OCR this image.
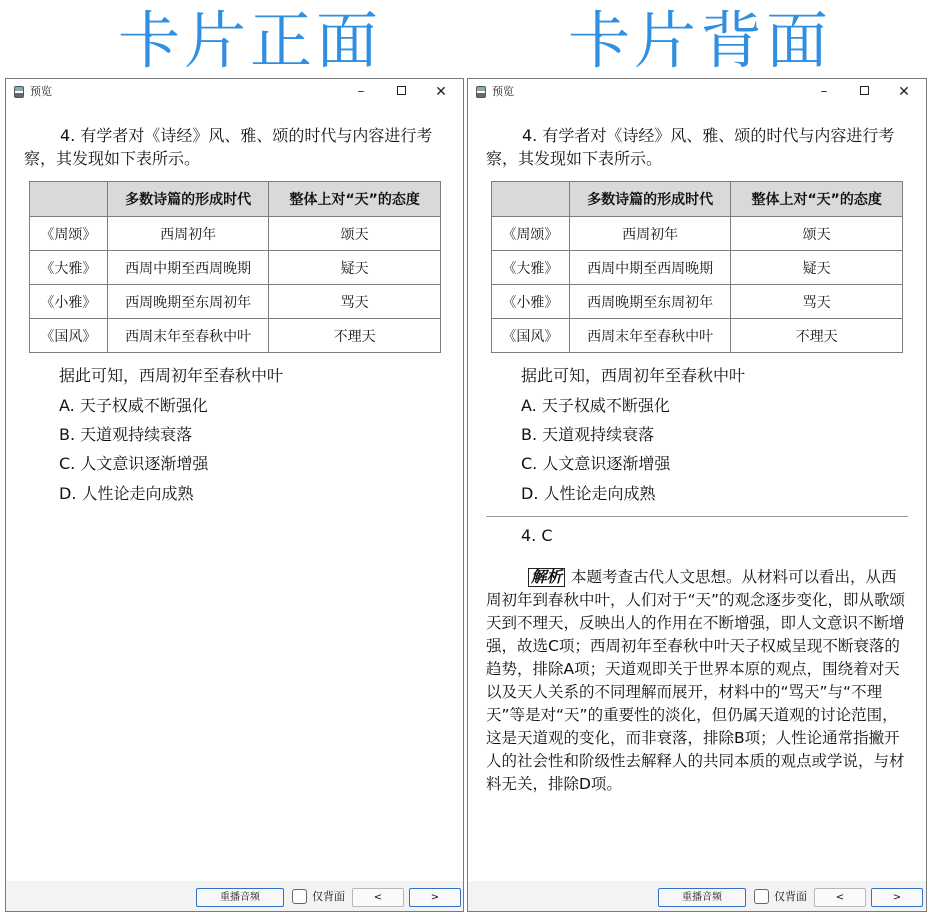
卡片正面	卡片背面
预览	–	✕
4. 有学者对《诗经》风、雅、颂的时代与内容进行考察，其发现如下表所示。
	多数诗篇的形成时代	整体上对“天”的态度
《周颂》	西周初年	颂天
《大雅》	西周中期至西周晚期	疑天
《小雅》	西周晚期至东周初年	骂天
《国风》	西周末年至春秋中叶	不理天
据此可知，西周初年至春秋中叶
A. 天子权威不断强化
B. 天道观持续衰落
C. 人文意识逐渐增强
D. 人性论走向成熟
重播音频	仅背面	<	>
预览	–	✕
4. 有学者对《诗经》风、雅、颂的时代与内容进行考察，其发现如下表所示。
	多数诗篇的形成时代	整体上对“天”的态度
《周颂》	西周初年	颂天
《大雅》	西周中期至西周晚期	疑天
《小雅》	西周晚期至东周初年	骂天
《国风》	西周末年至春秋中叶	不理天
据此可知，西周初年至春秋中叶
A. 天子权威不断强化
B. 天道观持续衰落
C. 人文意识逐渐增强
D. 人性论走向成熟
4. C
解析 本题考查古代人文思想。从材料可以看出，从西周初年到春秋中叶，人们对于“天”的观念逐步变化，即从歌颂天到不理天，反映出人的作用在不断增强，即人文意识不断增强，故选C项；西周初年至春秋中叶天子权威呈现不断衰落的趋势，排除A项；天道观即关于世界本原的观点，围绕着对天以及天人关系的不同理解而展开，材料中的“骂天”与“不理天”等是对“天”的重要性的淡化，但仍属天道观的讨论范围，这是天道观的变化，而非衰落，排除B项；人性论通常指撇开人的社会性和阶级性去解释人的共同本质的观点或学说，与材料无关，排除D项。
重播音频	仅背面	<	>
